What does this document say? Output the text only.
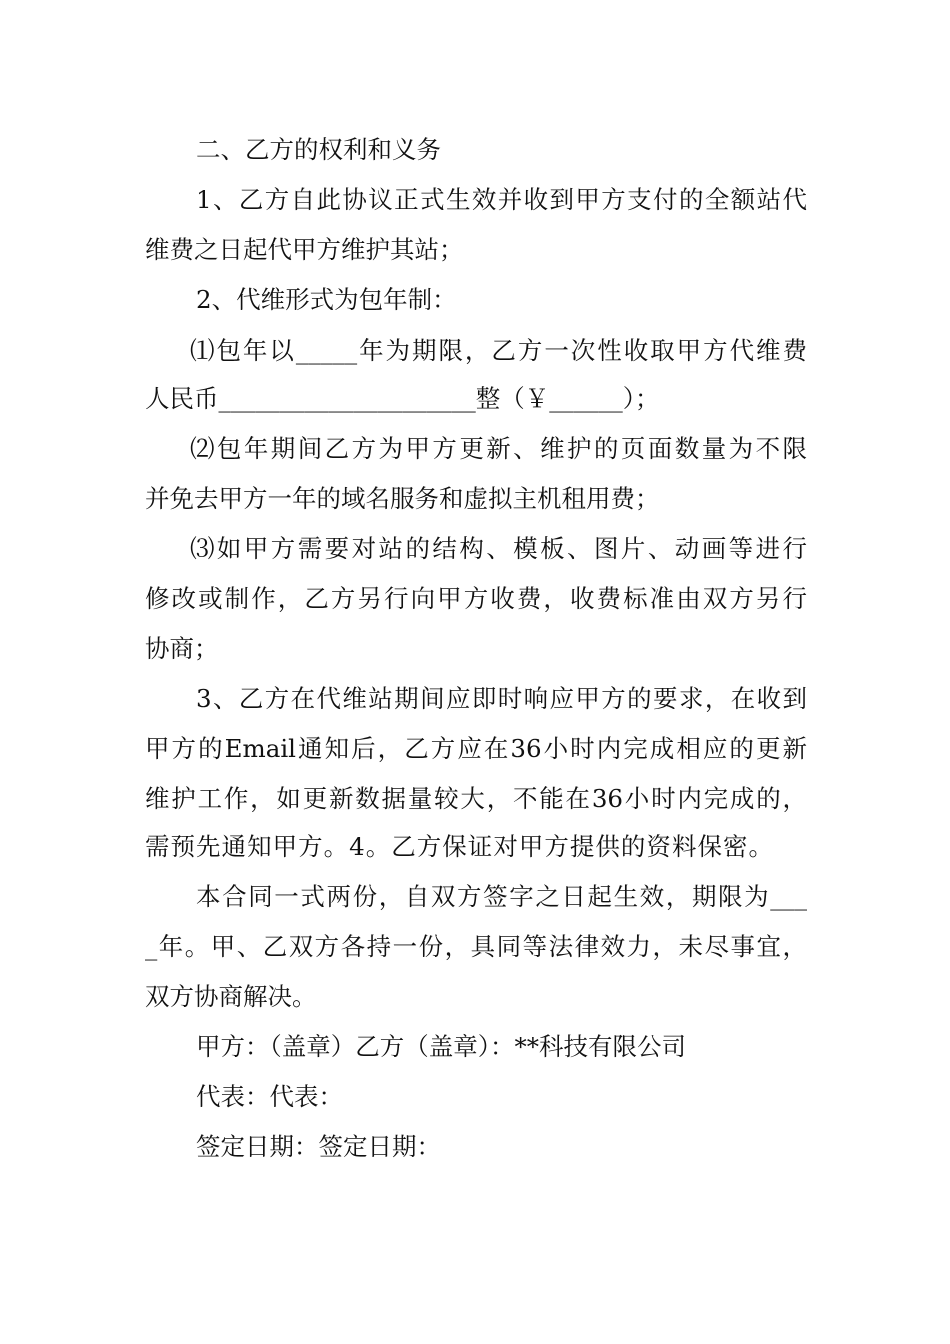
二、乙方的权利和义务
1、乙方自此协议正式生效并收到甲方支付的全额站代
维费之日起代甲方维护其站；
2、代维形式为包年制：
⑴包年以_____年为期限，乙方一次性收取甲方代维费
人民币_____________________整（￥______）；
⑵包年期间乙方为甲方更新、维护的页面数量为不限
并免去甲方一年的域名服务和虚拟主机租用费；
⑶如甲方需要对站的结构、模板、图片、动画等进行
修改或制作，乙方另行向甲方收费，收费标准由双方另行
协商；
3、乙方在代维站期间应即时响应甲方的要求，在收到
甲方的Email通知后，乙方应在36小时内完成相应的更新
维护工作，如更新数据量较大，不能在36小时内完成的，
需预先通知甲方。4。乙方保证对甲方提供的资料保密。
本合同一式两份，自双方签字之日起生效，期限为___
_年。甲、乙双方各持一份，具同等法律效力，未尽事宜，
双方协商解决。
甲方：（盖章）乙方（盖章）：**科技有限公司
代表：代表：
签定日期：签定日期：
